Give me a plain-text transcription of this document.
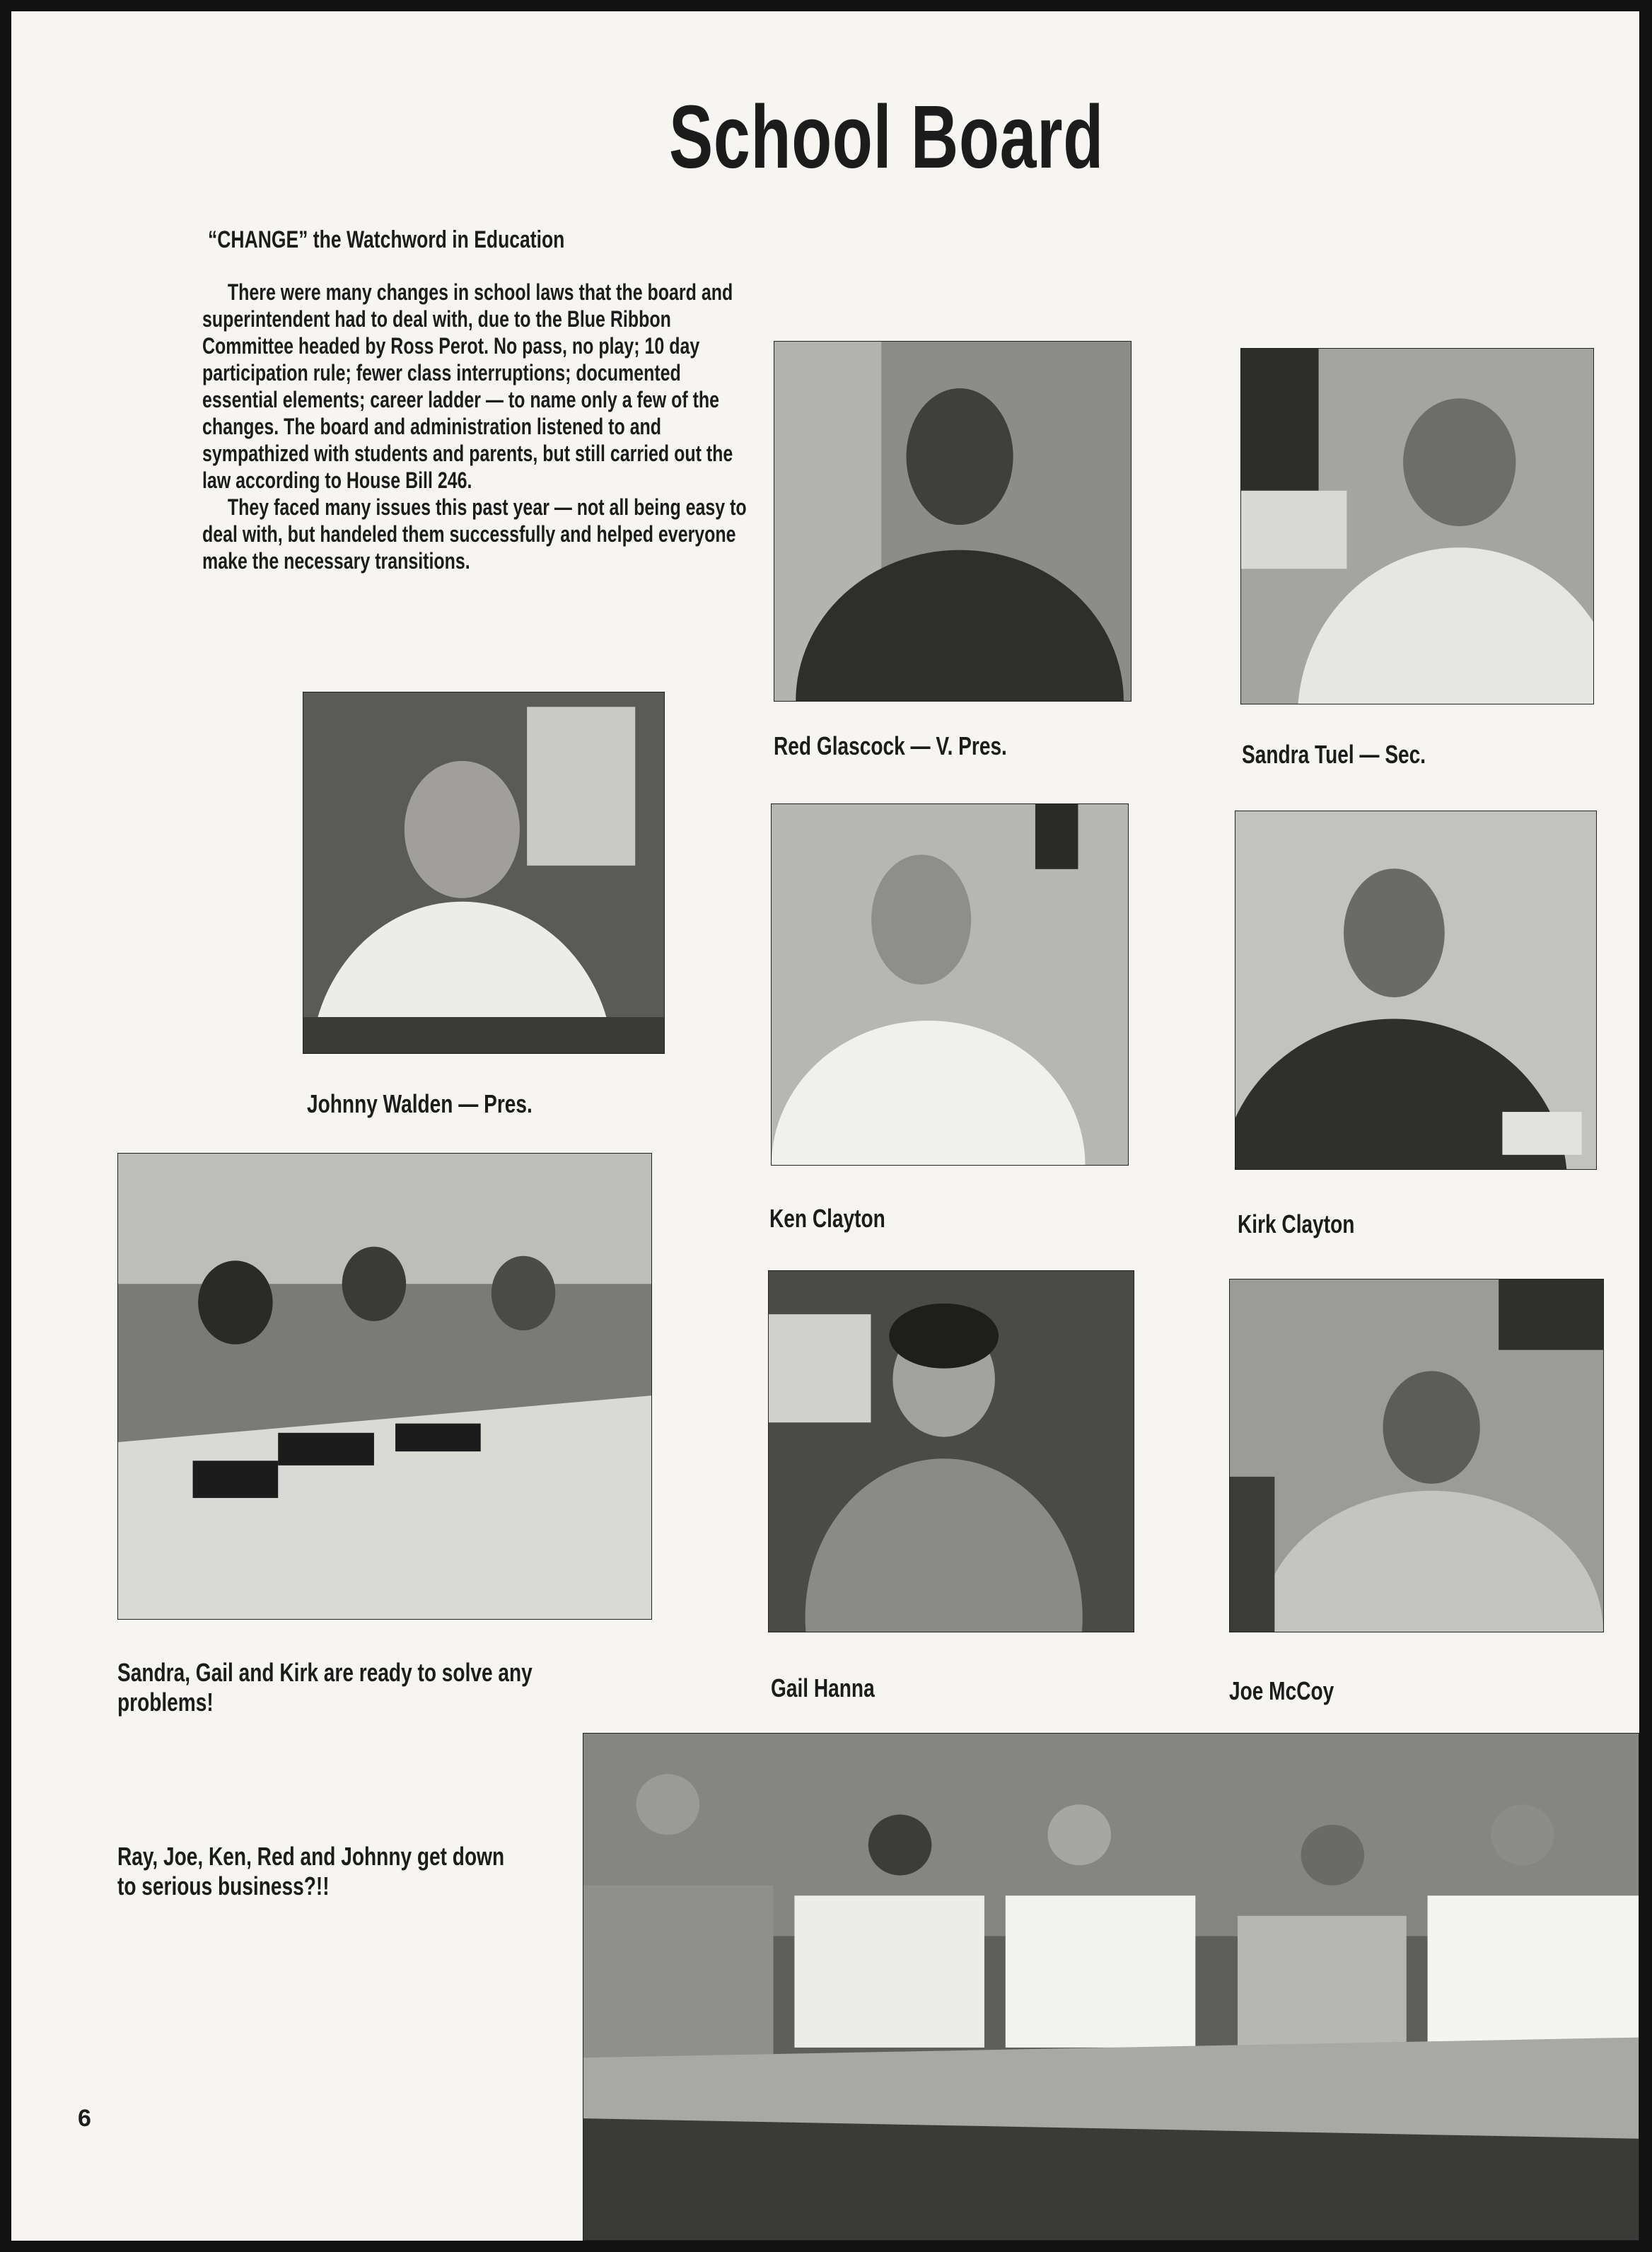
School Board
“CHANGE” the Watchword in Education

There were many changes in school laws that the board and superintendent had to deal with, due to the Blue Ribbon Committee headed by Ross Perot. No pass, no play; 10 day participation rule; fewer class interruptions; documented essential elements; career ladder — to name only a few of the changes. The board and administration listened to and sympathized with students and parents, but still carried out the law according to House Bill 246.

They faced many issues this past year — not all being easy to deal with, but handeled them successfully and helped everyone make the necessary transitions.

Red Glascock — V. Pres.	Sandra Tuel — Sec.
Johnny Walden — Pres.
Ken Clayton	Kirk Clayton
Sandra, Gail and Kirk are ready to solve any problems!	Gail Hanna	Joe McCoy
Ray, Joe, Ken, Red and Johnny get down to serious business?!!
6
